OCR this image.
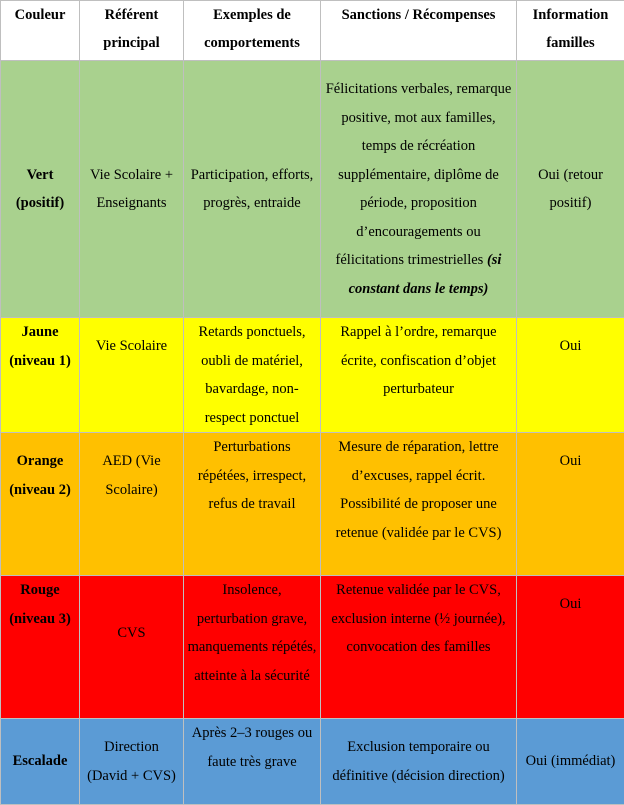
Couleur	Référent principal	Exemples de comportements	Sanctions / Récompenses	Information familles
Vert (positif)	Vie Scolaire + Enseignants	Participation, efforts, progrès, entraide	Félicitations verbales, remarque positive, mot aux familles, temps de récréation supplémentaire, diplôme de période, proposition d’encouragements ou félicitations trimestrielles (si constant dans le temps)	Oui (retour positif)
Jaune (niveau 1)	Vie Scolaire	Retards ponctuels, oubli de matériel, bavardage, non-respect ponctuel	Rappel à l’ordre, remarque écrite, confiscation d’objet perturbateur	Oui
Orange (niveau 2)	AED (Vie Scolaire)	Perturbations répétées, irrespect, refus de travail	Mesure de réparation, lettre d’excuses, rappel écrit. Possibilité de proposer une retenue (validée par le CVS)	Oui
Rouge (niveau 3)	CVS	Insolence, perturbation grave, manquements répétés, atteinte à la sécurité	Retenue validée par le CVS, exclusion interne (½ journée), convocation des familles	Oui
Escalade	Direction (David + CVS)	Après 2–3 rouges ou faute très grave	Exclusion temporaire ou définitive (décision direction)	Oui (immédiat)
